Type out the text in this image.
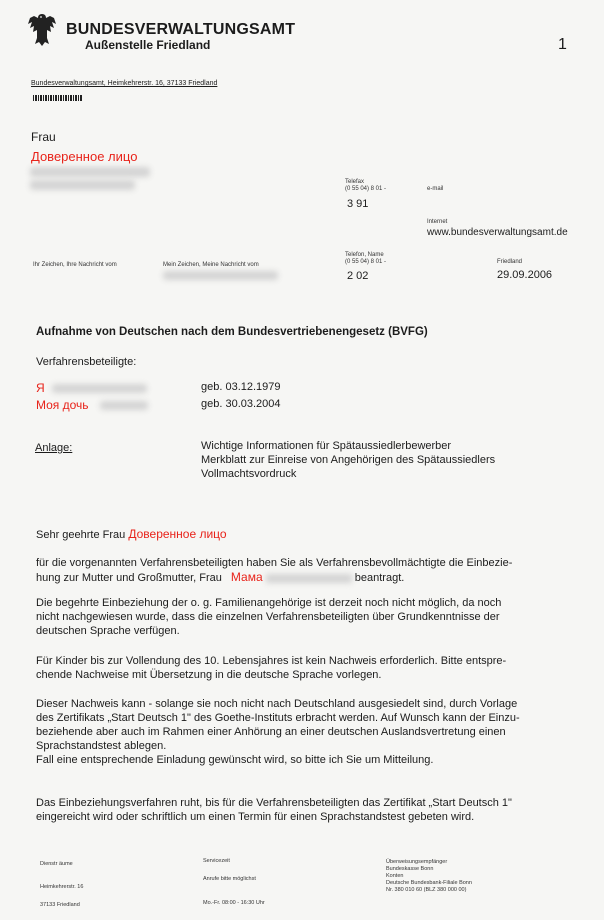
BUNDESVERWALTUNGSAMT
Außenstelle Friedland	1
Bundesverwaltungsamt, Heimkehrerstr. 16, 37133 Friedland
Frau
Доверенное лицо
Telefax
(0 55 04) 8 01 -	e-mail
3 91
Internet
www.bundesverwaltungsamt.de
Ihr Zeichen, Ihre Nachricht vom	Mein Zeichen, Meine Nachricht vom
Telefon, Name
(0 55 04) 8 01 -
2 02
Friedland
29.09.2006
Aufnahme von Deutschen nach dem Bundesvertriebenengesetz (BVFG)
Verfahrensbeteiligte:
Я	geb. 03.12.1979
Моя дочь	geb. 30.03.2004
Anlage:	Wichtige Informationen für Spätaussiedlerbewerber
Merkblatt zur Einreise von Angehörigen des Spätaussiedlers
Vollmachtsvordruck
Sehr geehrte Frau Доверенное лицо
für die vorgenannten Verfahrensbeteiligten haben Sie als Verfahrensbevollmächtigte die Einbezie-
hung zur Mutter und Großmutter, Frau Мама	beantragt.
Die begehrte Einbeziehung der o. g. Familienangehörige ist derzeit noch nicht möglich, da noch
nicht nachgewiesen wurde, dass die einzelnen Verfahrensbeteiligten über Grundkenntnisse der
deutschen Sprache verfügen.
Für Kinder bis zur Vollendung des 10. Lebensjahres ist kein Nachweis erforderlich. Bitte entspre-
chende Nachweise mit Übersetzung in die deutsche Sprache vorlegen.
Dieser Nachweis kann - solange sie noch nicht nach Deutschland ausgesiedelt sind, durch Vorlage
des Zertifikats „Start Deutsch 1" des Goethe-Instituts erbracht werden. Auf Wunsch kann der Einzu-
beziehende aber auch im Rahmen einer Anhörung an einer deutschen Auslandsvertretung einen
Sprachstandstest ablegen.
Fall eine entsprechende Einladung gewünscht wird, so bitte ich Sie um Mitteilung.
Das Einbeziehungsverfahren ruht, bis für die Verfahrensbeteiligten das Zertifikat „Start Deutsch 1"
eingereicht wird oder schriftlich um einen Termin für einen Sprachstandstest gebeten wird.
Dienstr äume
Heimkehrerstr. 16
37133 Friedland
Servicezeit
Anrufe bitte möglichst
Mo.-Fr. 08:00 - 16:30 Uhr
Überweisungsempfänger
Bundeskasse Bonn
Konten
Deutsche Bundesbank-Filiale Bonn
Nr. 380 010 60 (BLZ 380 000 00)
